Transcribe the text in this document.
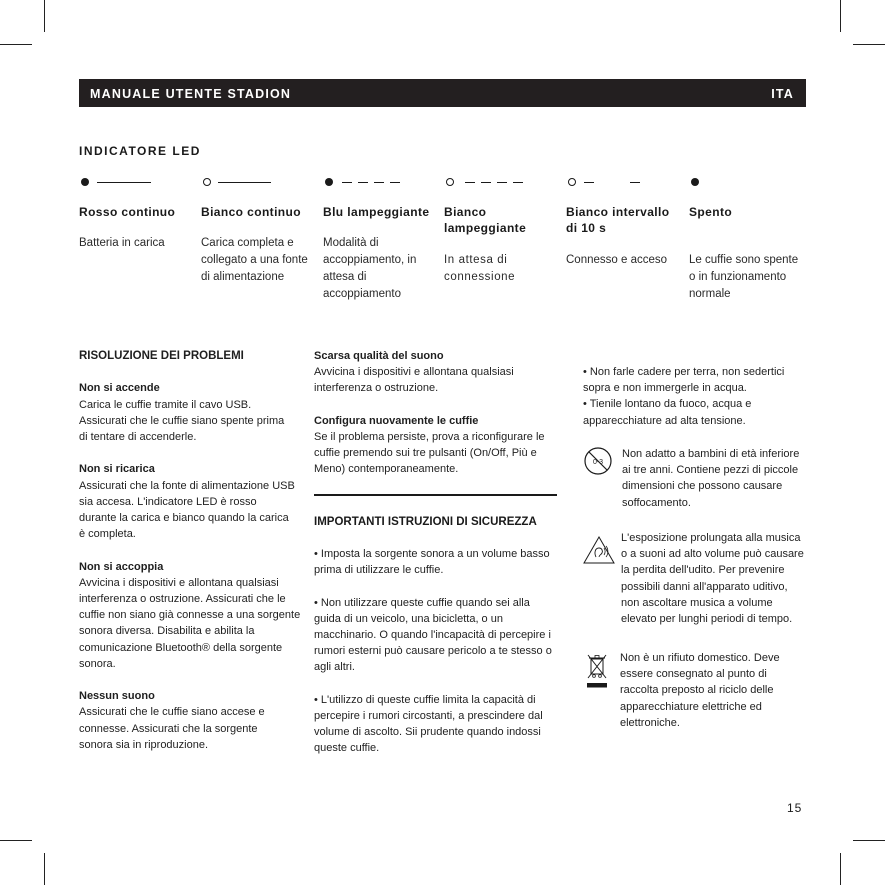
MANUALE UTENTE STADION	ITA
INDICATORE LED
Rosso continuo
Batteria in carica
Bianco continuo
Carica completa e collegato a una fonte di alimentazione
Blu lampeggiante
Modalità di accoppiamento, in attesa di accoppiamento
Bianco lampeggiante
In attesa di connessione
Bianco intervallo di 10 s
Connesso e acceso
Spento
Le cuffie sono spente o in funzionamento normale
RISOLUZIONE DEI PROBLEMI
Non si accende
Carica le cuffie tramite il cavo USB. Assicurati che le cuffie siano spente prima di tentare di accenderle.
Non si ricarica
Assicurati che la fonte di alimentazione USB sia accesa. L'indicatore LED è rosso durante la carica e bianco quando la carica è completa.
Non si accoppia
Avvicina i dispositivi e allontana qualsiasi interferenza o ostruzione. Assicurati che le cuffie non siano già connesse a una sorgente sonora diversa. Disabilita e abilita la comunicazione Bluetooth® della sorgente sonora.
Nessun suono
Assicurati che le cuffie siano accese e connesse. Assicurati che la sorgente sonora sia in riproduzione.
Scarsa qualità del suono
Avvicina i dispositivi e allontana qualsiasi interferenza o ostruzione.
Configura nuovamente le cuffie
Se il problema persiste, prova a riconfigurare le cuffie premendo sui tre pulsanti (On/Off, Più e Meno) contemporaneamente.
IMPORTANTI ISTRUZIONI DI SICUREZZA
• Imposta la sorgente sonora a un volume basso prima di utilizzare le cuffie.
• Non utilizzare queste cuffie quando sei alla guida di un veicolo, una bicicletta, o un macchinario. O quando l'incapacità di percepire i rumori esterni può causare pericolo a te stesso o agli altri.
• L'utilizzo di queste cuffie limita la capacità di percepire i rumori circostanti, a prescindere dal volume di ascolto. Sii prudente quando indossi queste cuffie.
• Non farle cadere per terra, non sedertici sopra e non immergerle in acqua.
• Tienile lontano da fuoco, acqua e apparecchiature ad alta tensione.
0-3
Non adatto a bambini di età inferiore ai tre anni. Contiene pezzi di piccole dimensioni che possono causare soffocamento.
L'esposizione prolungata alla musica o a suoni ad alto volume può causare la perdita dell'udito. Per prevenire possibili danni all'apparato uditivo, non ascoltare musica a volume elevato per lunghi periodi di tempo.
Non è un rifiuto domestico. Deve essere consegnato al punto di raccolta preposto al riciclo delle apparecchiature elettriche ed elettroniche.
15
